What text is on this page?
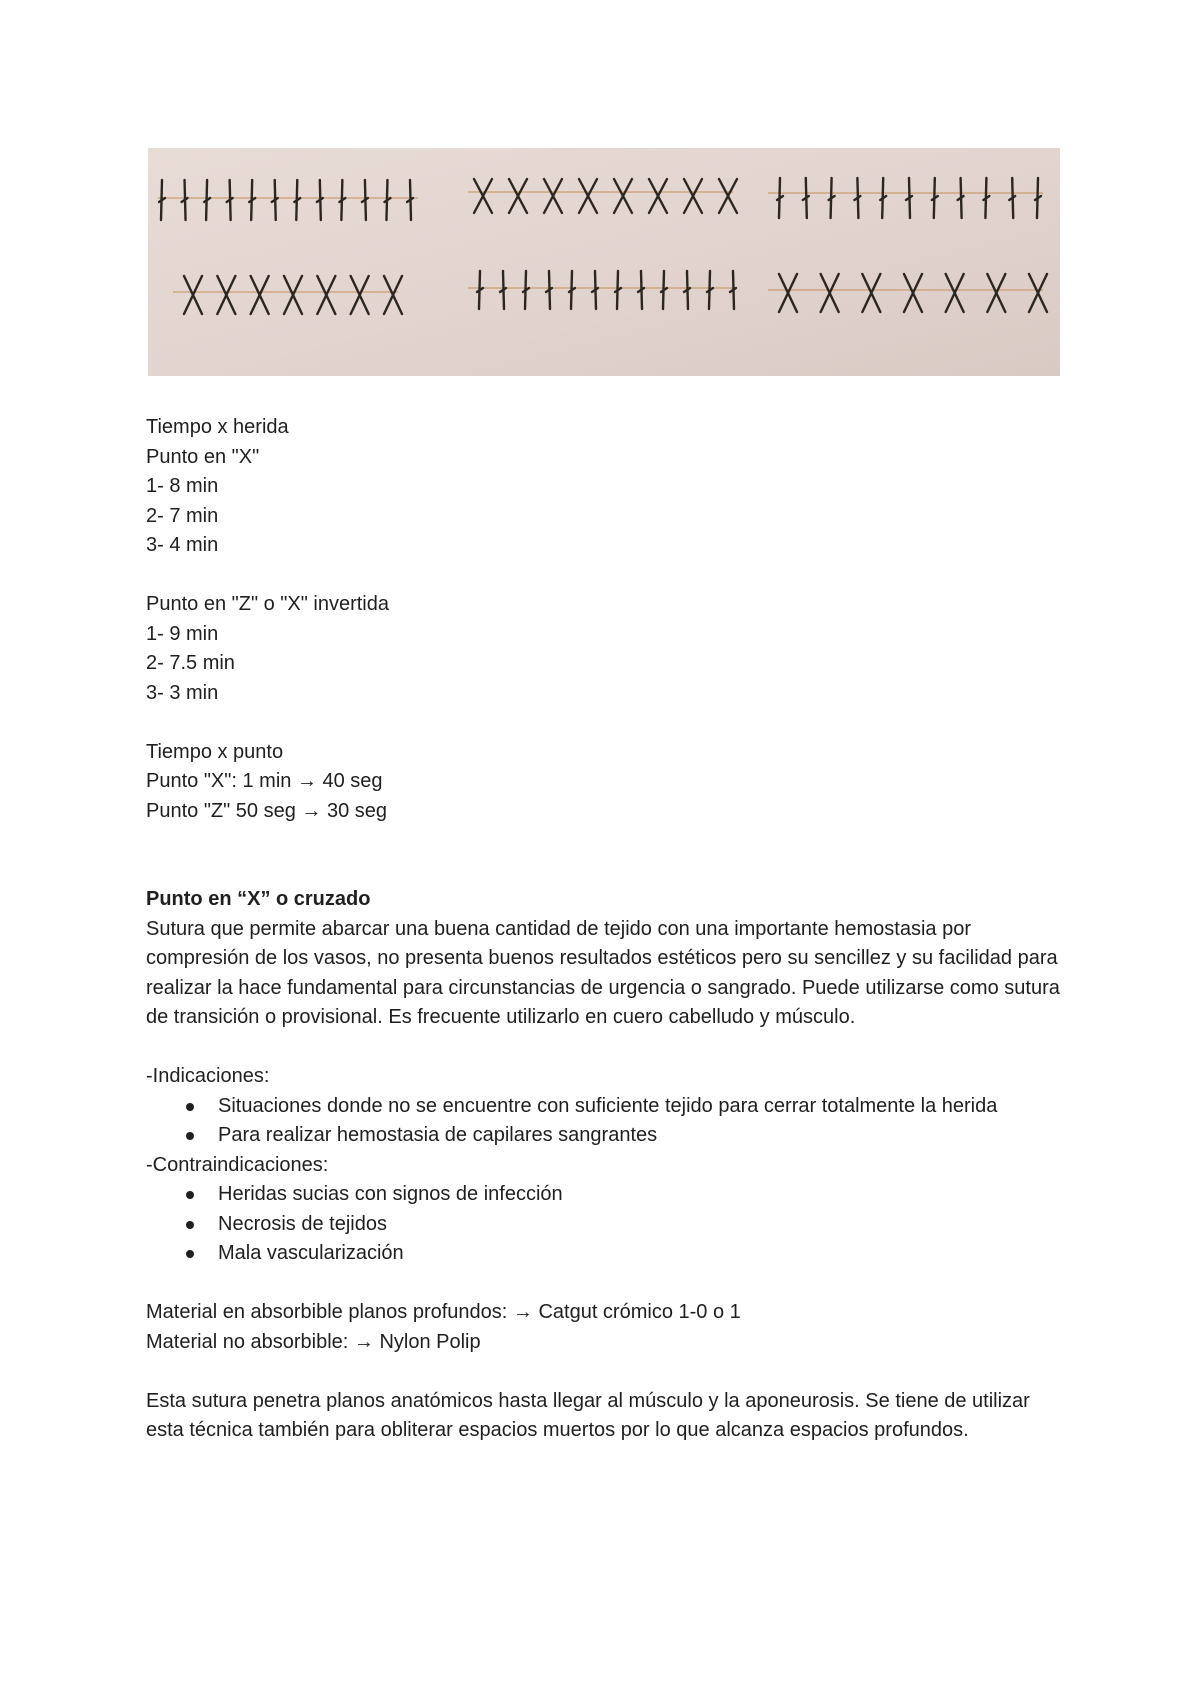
Tiempo x herida

Punto en "X"

1- 8 min

2- 7 min

3- 4 min

Punto en "Z" o "X" invertida

1- 9 min

2- 7.5 min

3- 3 min

Tiempo x punto

Punto "X": 1 min → 40 seg

Punto "Z" 50 seg → 30 seg

Punto en “X” o cruzado

Sutura que permite abarcar una buena cantidad de tejido con una importante hemostasia por compresión de los vasos, no presenta buenos resultados estéticos pero su sencillez y su facilidad para realizar la hace fundamental para circunstancias de urgencia o sangrado. Puede utilizarse como sutura de transición o provisional. Es frecuente utilizarlo en cuero cabelludo y músculo.

-Indicaciones:

Situaciones donde no se encuentre con suficiente tejido para cerrar totalmente la herida
Para realizar hemostasia de capilares sangrantes

-Contraindicaciones:

Heridas sucias con signos de infección
Necrosis de tejidos
Mala vascularización

Material en absorbible planos profundos: → Catgut crómico 1-0 o 1

Material no absorbible: → Nylon Polip

Esta sutura penetra planos anatómicos hasta llegar al músculo y la aponeurosis. Se tiene de utilizar esta técnica también para obliterar espacios muertos por lo que alcanza espacios profundos.
